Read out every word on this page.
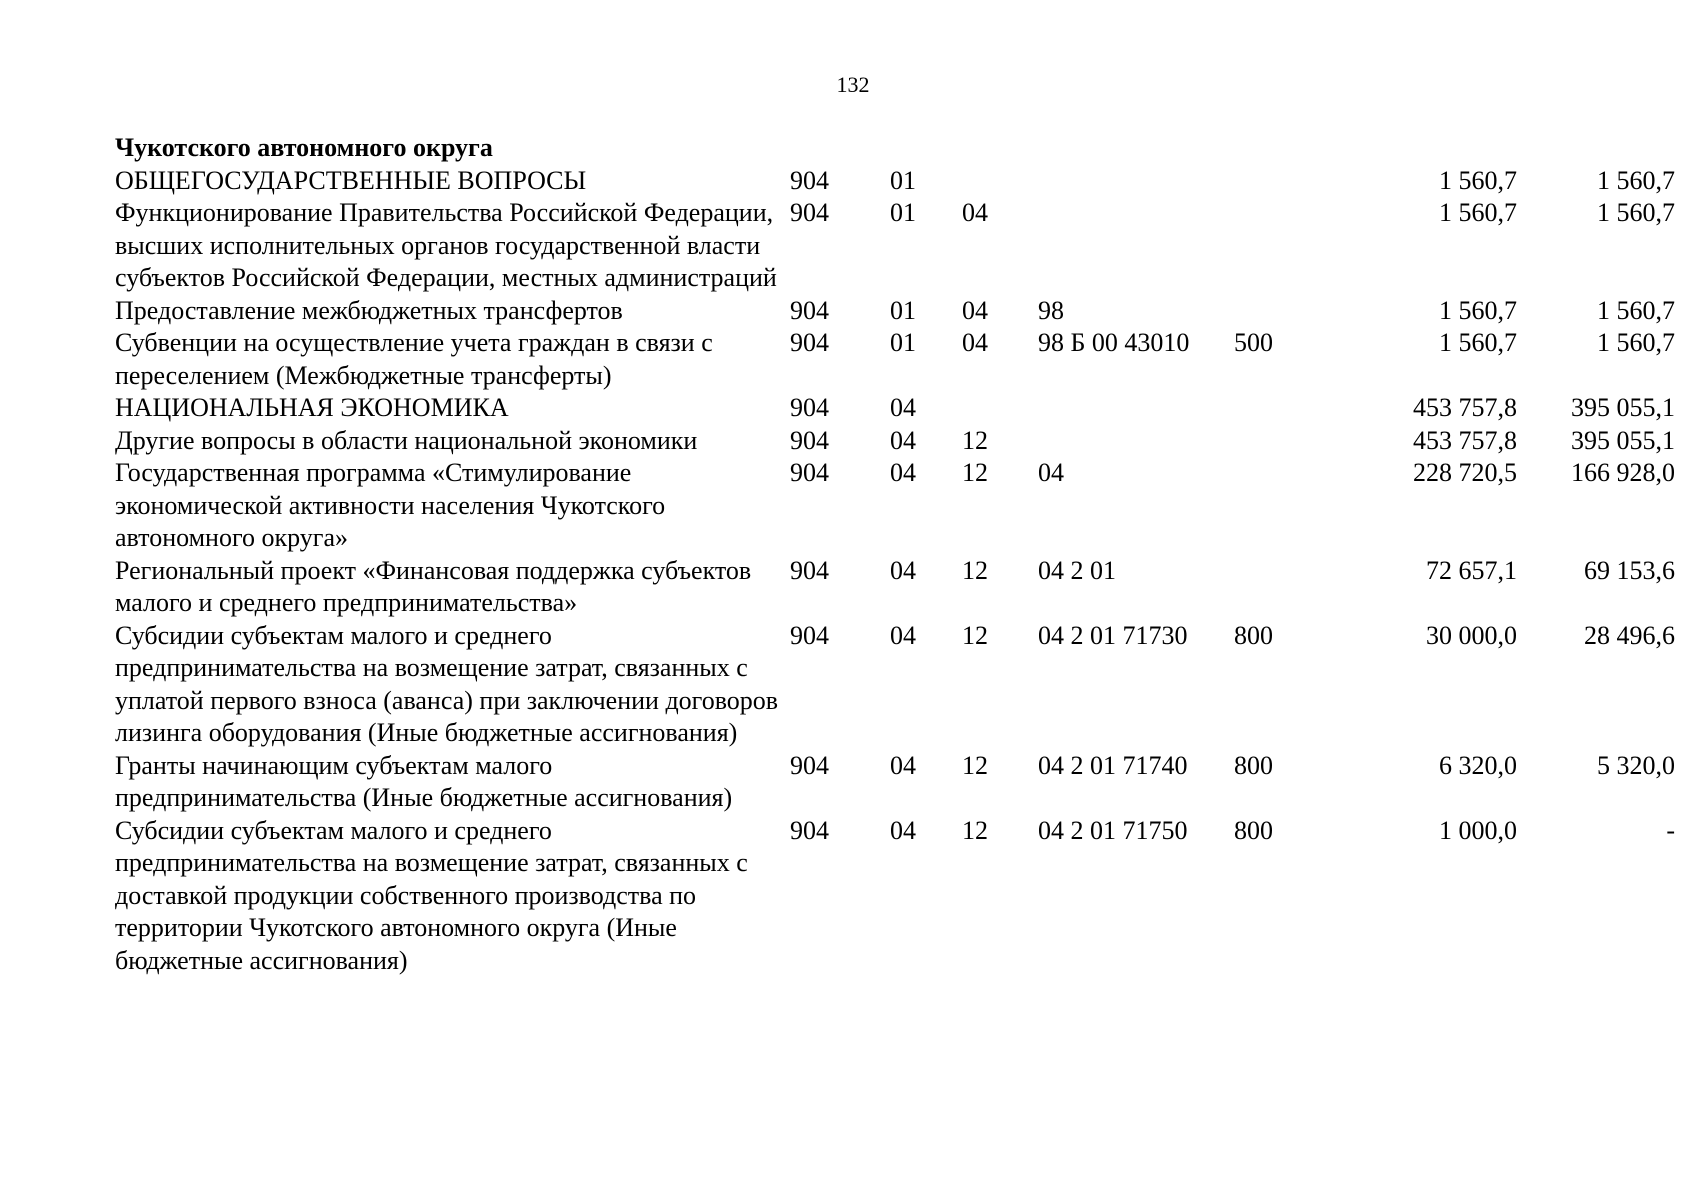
132
Чукотского автономного округа							
ОБЩЕГОСУДАРСТВЕННЫЕ ВОПРОСЫ	904	01				1 560,7	1 560,7
Функционирование Правительства Российской Федерации, высших исполнительных органов государственной власти субъектов Российской Федерации, местных администраций	904	01	04			1 560,7	1 560,7
Предоставление межбюджетных трансфертов	904	01	04	98		1 560,7	1 560,7
Субвенции на осуществление учета граждан в связи с переселением (Межбюджетные трансферты)	904	01	04	98 Б 00 43010	500	1 560,7	1 560,7
НАЦИОНАЛЬНАЯ ЭКОНОМИКА	904	04				453 757,8	395 055,1
Другие вопросы в области национальной экономики	904	04	12			453 757,8	395 055,1
Государственная программа «Стимулирование экономической активности населения Чукотского автономного округа»	904	04	12	04		228 720,5	166 928,0
Региональный проект «Финансовая поддержка субъектов малого и среднего предпринимательства»	904	04	12	04 2 01		72 657,1	69 153,6
Субсидии субъектам малого и среднего предпринимательства на возмещение затрат, связанных с уплатой первого взноса (аванса) при заключении договоров лизинга оборудования (Иные бюджетные ассигнования)	904	04	12	04 2 01 71730	800	30 000,0	28 496,6
Гранты начинающим субъектам малого предпринимательства (Иные бюджетные ассигнования)	904	04	12	04 2 01 71740	800	6 320,0	5 320,0
Субсидии субъектам малого и среднего предпринимательства на возмещение затрат, связанных с доставкой продукции собственного производства по территории Чукотского автономного округа (Иные бюджетные ассигнования)	904	04	12	04 2 01 71750	800	1 000,0	-
